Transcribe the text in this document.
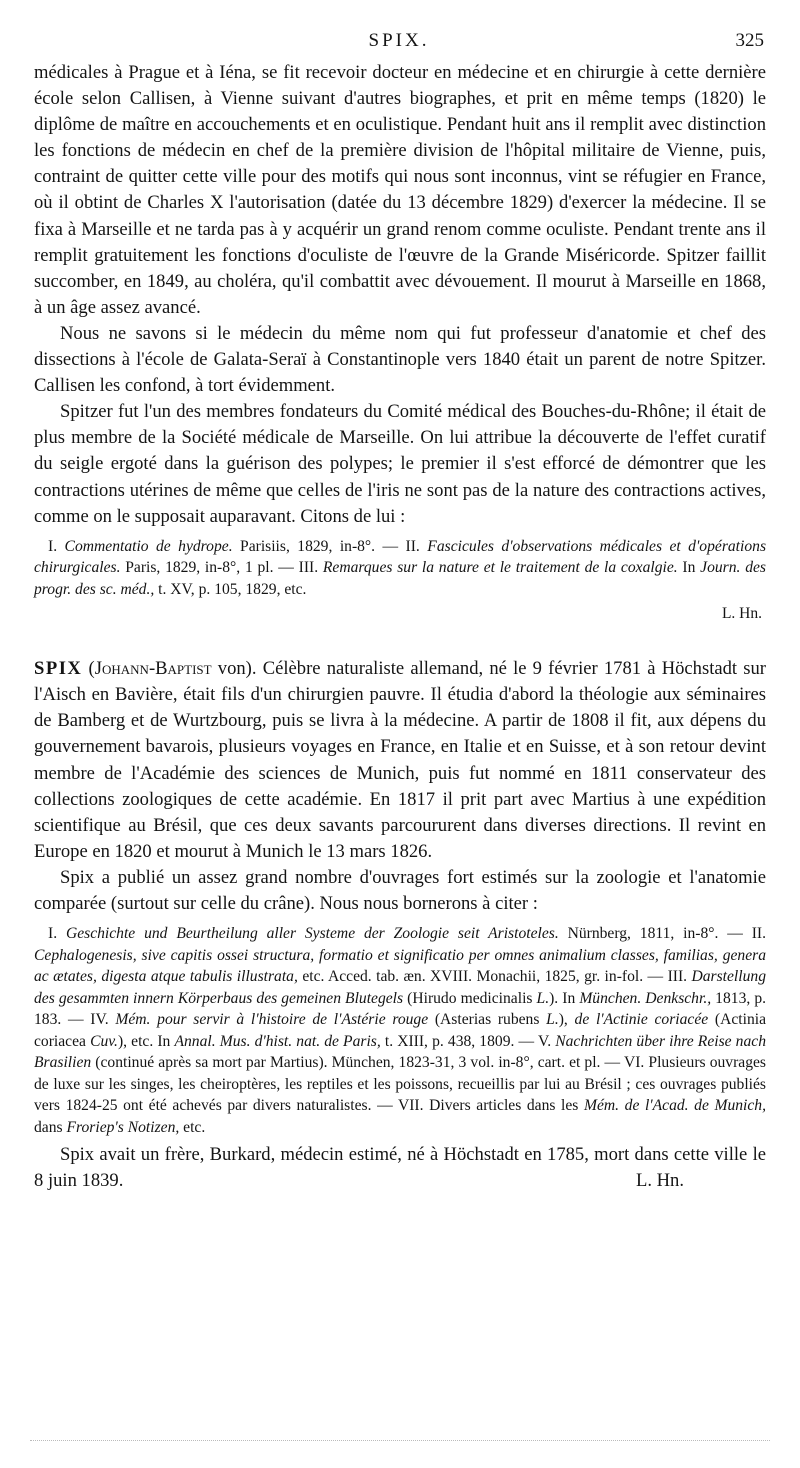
SPIX.	325

médicales à Prague et à Iéna, se fit recevoir docteur en médecine et en chirurgie à cette dernière école selon Callisen, à Vienne suivant d'autres biographes, et prit en même temps (1820) le diplôme de maître en accouchements et en oculistique. Pendant huit ans il remplit avec distinction les fonctions de médecin en chef de la première division de l'hôpital militaire de Vienne, puis, contraint de quitter cette ville pour des motifs qui nous sont inconnus, vint se réfugier en France, où il obtint de Charles X l'autorisation (datée du 13 décembre 1829) d'exercer la médecine. Il se fixa à Marseille et ne tarda pas à y acquérir un grand renom comme oculiste. Pendant trente ans il remplit gratuitement les fonctions d'oculiste de l'œuvre de la Grande Miséricorde. Spitzer faillit succomber, en 1849, au choléra, qu'il combattit avec dévouement. Il mourut à Marseille en 1868, à un âge assez avancé.

Nous ne savons si le médecin du même nom qui fut professeur d'anatomie et chef des dissections à l'école de Galata-Seraï à Constantinople vers 1840 était un parent de notre Spitzer. Callisen les confond, à tort évidemment.

Spitzer fut l'un des membres fondateurs du Comité médical des Bouches-du-Rhône; il était de plus membre de la Société médicale de Marseille. On lui attribue la découverte de l'effet curatif du seigle ergoté dans la guérison des polypes; le premier il s'est efforcé de démontrer que les contractions utérines de même que celles de l'iris ne sont pas de la nature des contractions actives, comme on le supposait auparavant. Citons de lui :

I. Commentatio de hydrope. Parisiis, 1829, in-8°. — II. Fascicules d'observations médicales et d'opérations chirurgicales. Paris, 1829, in-8°, 1 pl. — III. Remarques sur la nature et le traitement de la coxalgie. In Journ. des progr. des sc. méd., t. XV, p. 105, 1829, etc.

L. Hn.

SPIX (Johann-Baptist von). Célèbre naturaliste allemand, né le 9 février 1781 à Höchstadt sur l'Aisch en Bavière, était fils d'un chirurgien pauvre. Il étudia d'abord la théologie aux séminaires de Bamberg et de Wurtzbourg, puis se livra à la médecine. A partir de 1808 il fit, aux dépens du gouvernement bavarois, plusieurs voyages en France, en Italie et en Suisse, et à son retour devint membre de l'Académie des sciences de Munich, puis fut nommé en 1811 conservateur des collections zoologiques de cette académie. En 1817 il prit part avec Martius à une expédition scientifique au Brésil, que ces deux savants parcoururent dans diverses directions. Il revint en Europe en 1820 et mourut à Munich le 13 mars 1826.

Spix a publié un assez grand nombre d'ouvrages fort estimés sur la zoologie et l'anatomie comparée (surtout sur celle du crâne). Nous nous bornerons à citer :

I. Geschichte und Beurtheilung aller Systeme der Zoologie seit Aristoteles. Nürnberg, 1811, in-8°. — II. Cephalogenesis, sive capitis ossei structura, formatio et significatio per omnes animalium classes, familias, genera ac ætates, digesta atque tabulis illustrata, etc. Acced. tab. æn. XVIII. Monachii, 1825, gr. in-fol. — III. Darstellung des gesammten innern Körperbaus des gemeinen Blutegels (Hirudo medicinalis L.). In München. Denkschr., 1813, p. 183. — IV. Mém. pour servir à l'histoire de l'Astérie rouge (Asterias rubens L.), de l'Actinie coriacée (Actinia coriacea Cuv.), etc. In Annal. Mus. d'hist. nat. de Paris, t. XIII, p. 438, 1809. — V. Nachrichten über ihre Reise nach Brasilien (continué après sa mort par Martius). München, 1823-31, 3 vol. in-8°, cart. et pl. — VI. Plusieurs ouvrages de luxe sur les singes, les cheiroptères, les reptiles et les poissons, recueillis par lui au Brésil ; ces ouvrages publiés vers 1824-25 ont été achevés par divers naturalistes. — VII. Divers articles dans les Mém. de l'Acad. de Munich, dans Froriep's Notizen, etc.

Spix avait un frère, Burkard, médecin estimé, né à Höchstadt en 1785, mort dans cette ville le 8 juin 1839.	L. Hn.
